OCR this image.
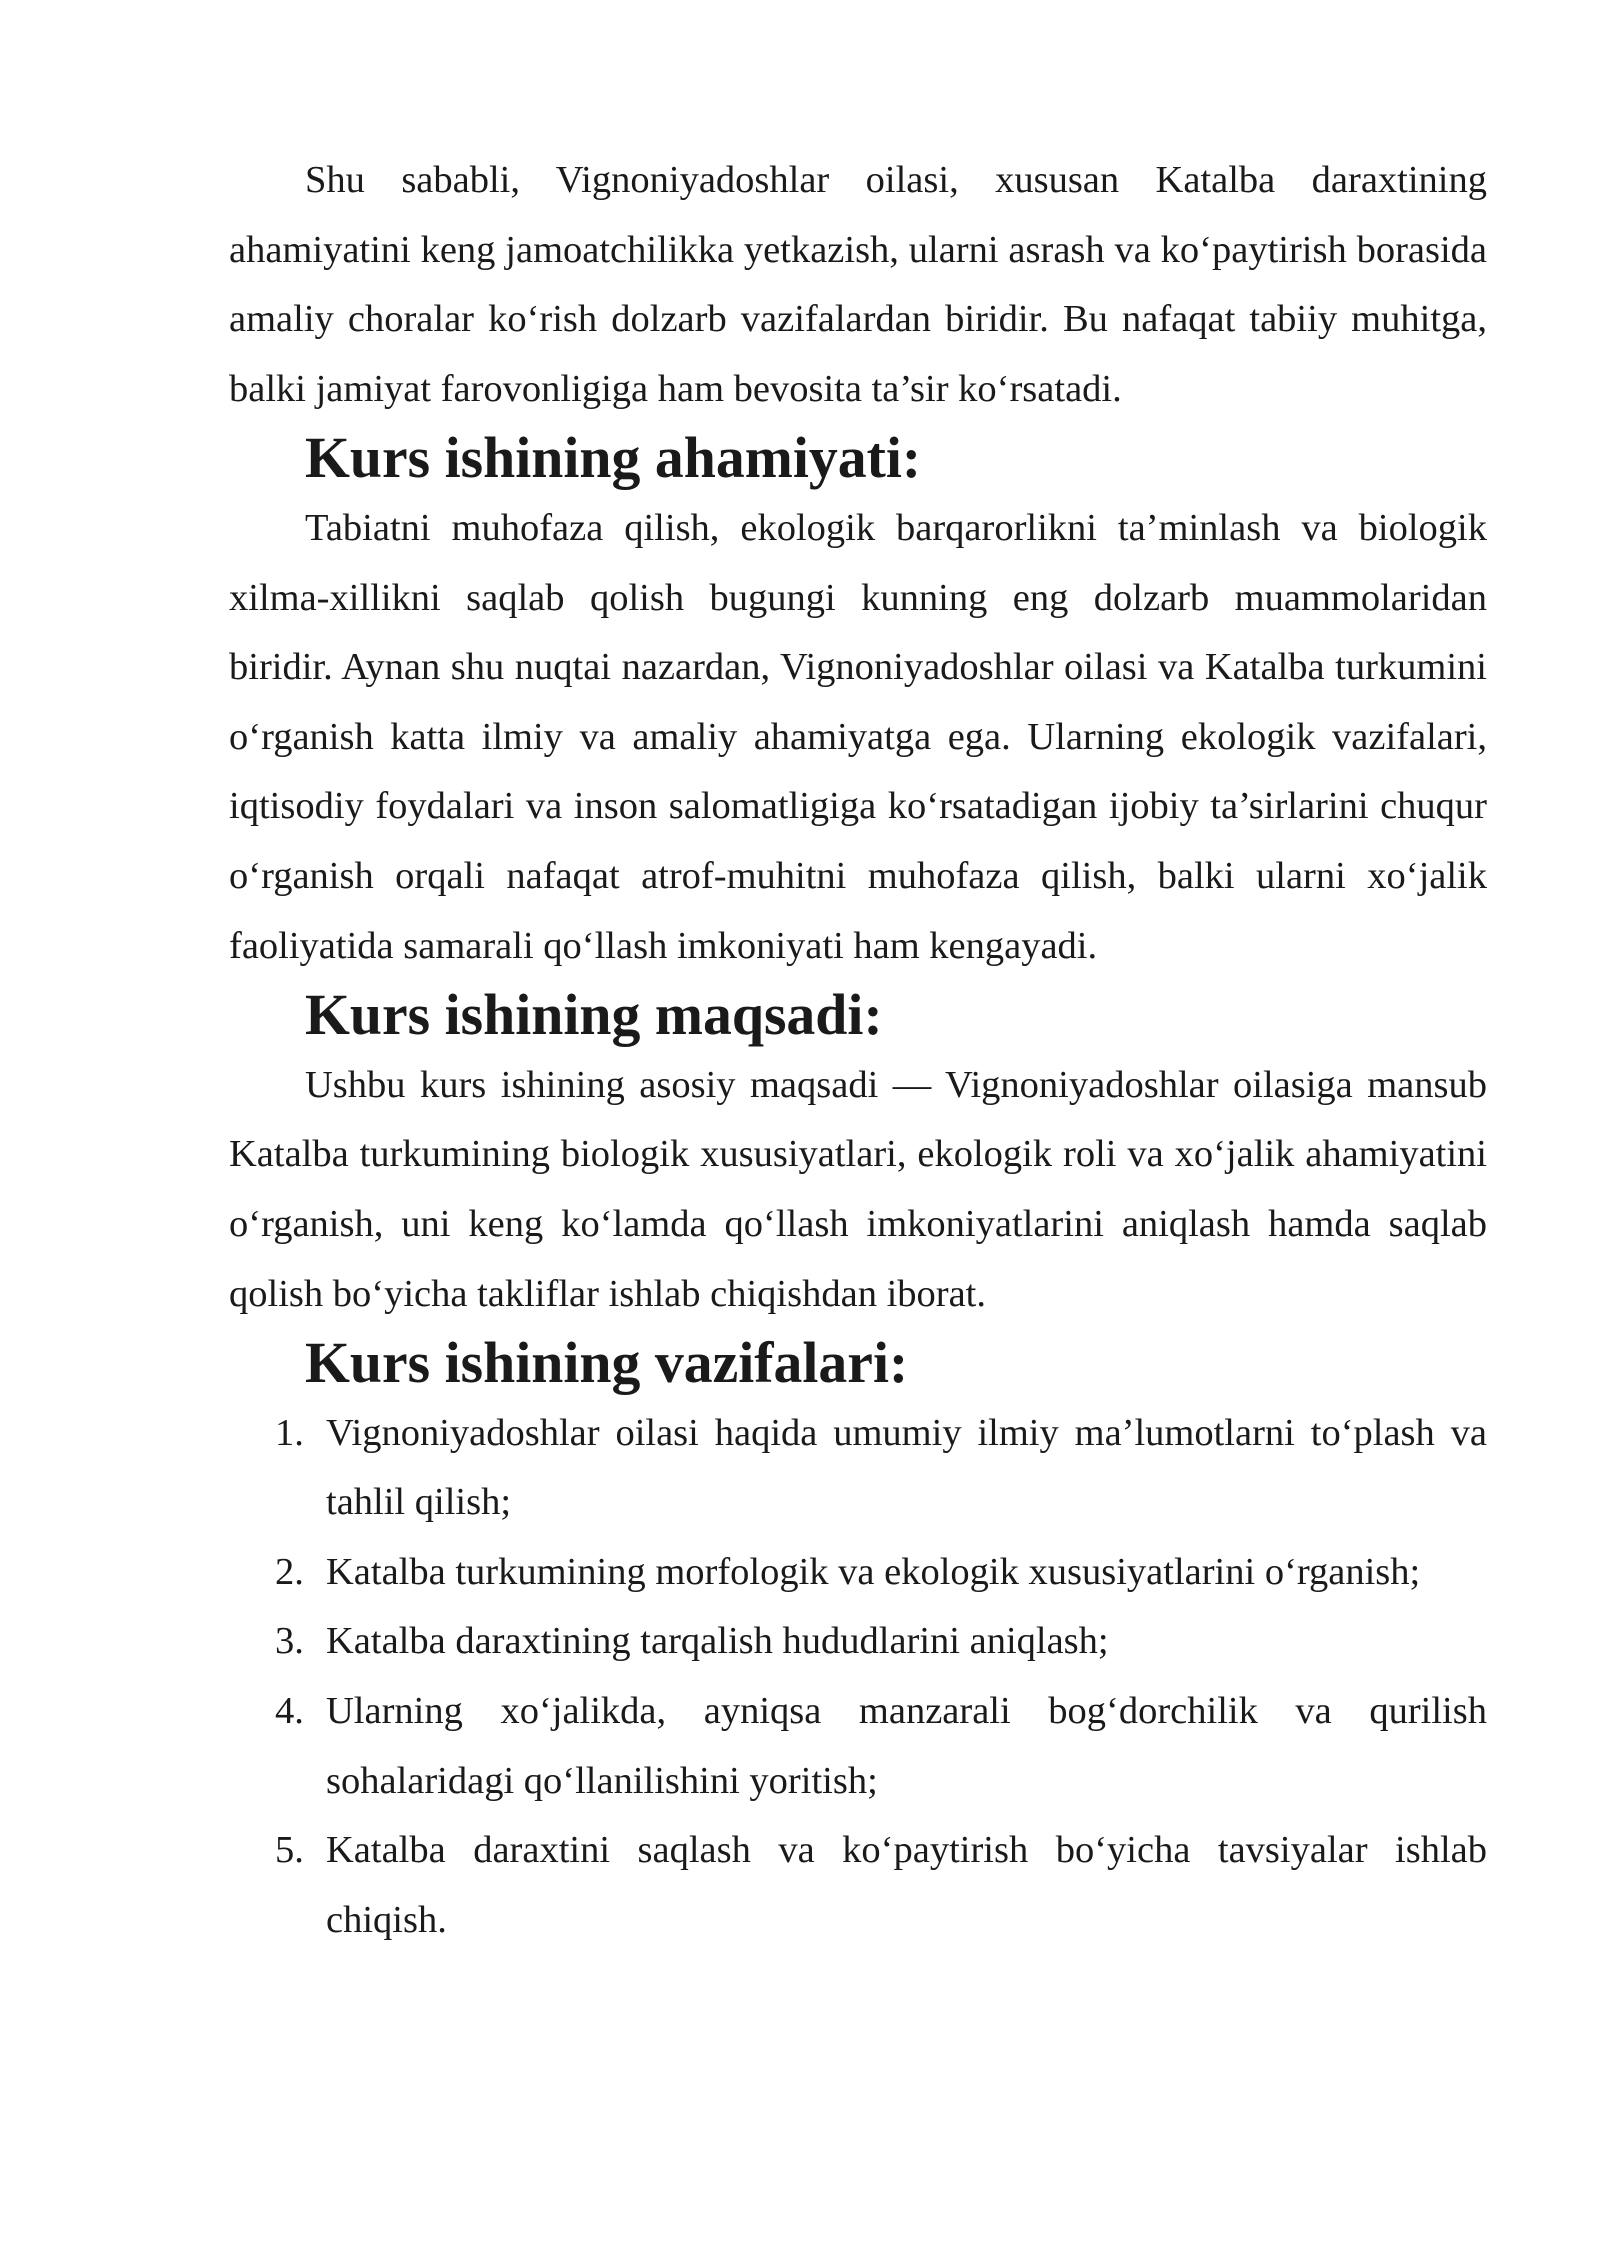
Shu sababli, Vignoniyadoshlar oilasi, xususan Katalba daraxtining ahamiyatini keng jamoatchilikka yetkazish, ularni asrash va ko‘paytirish borasida amaliy choralar ko‘rish dolzarb vazifalardan biridir. Bu nafaqat tabiiy muhitga, balki jamiyat farovonligiga ham bevosita ta’sir ko‘rsatadi.

Kurs ishining ahamiyati:

Tabiatni muhofaza qilish, ekologik barqarorlikni ta’minlash va biologik xilma-xillikni saqlab qolish bugungi kunning eng dolzarb muammolaridan biridir. Aynan shu nuqtai nazardan, Vignoniyadoshlar oilasi va Katalba turkumini o‘rganish katta ilmiy va amaliy ahamiyatga ega. Ularning ekologik vazifalari, iqtisodiy foydalari va inson salomatligiga ko‘rsatadigan ijobiy ta’sirlarini chuqur o‘rganish orqali nafaqat atrof-muhitni muhofaza qilish, balki ularni xo‘jalik faoliyatida samarali qo‘llash imkoniyati ham kengayadi.

Kurs ishining maqsadi:

Ushbu kurs ishining asosiy maqsadi — Vignoniyadoshlar oilasiga mansub Katalba turkumining biologik xususiyatlari, ekologik roli va xo‘jalik ahamiyatini o‘rganish, uni keng ko‘lamda qo‘llash imkoniyatlarini aniqlash hamda saqlab qolish bo‘yicha takliflar ishlab chiqishdan iborat.

Kurs ishining vazifalari:
1. Vignoniyadoshlar oilasi haqida umumiy ilmiy ma’lumotlarni to‘plash va tahlil qilish;
2. Katalba turkumining morfologik va ekologik xususiyatlarini o‘rganish;
3. Katalba daraxtining tarqalish hududlarini aniqlash;
4. Ularning xo‘jalikda, ayniqsa manzarali bog‘dorchilik va qurilish sohalaridagi qo‘llanilishini yoritish;
5. Katalba daraxtini saqlash va ko‘paytirish bo‘yicha tavsiyalar ishlab chiqish.
